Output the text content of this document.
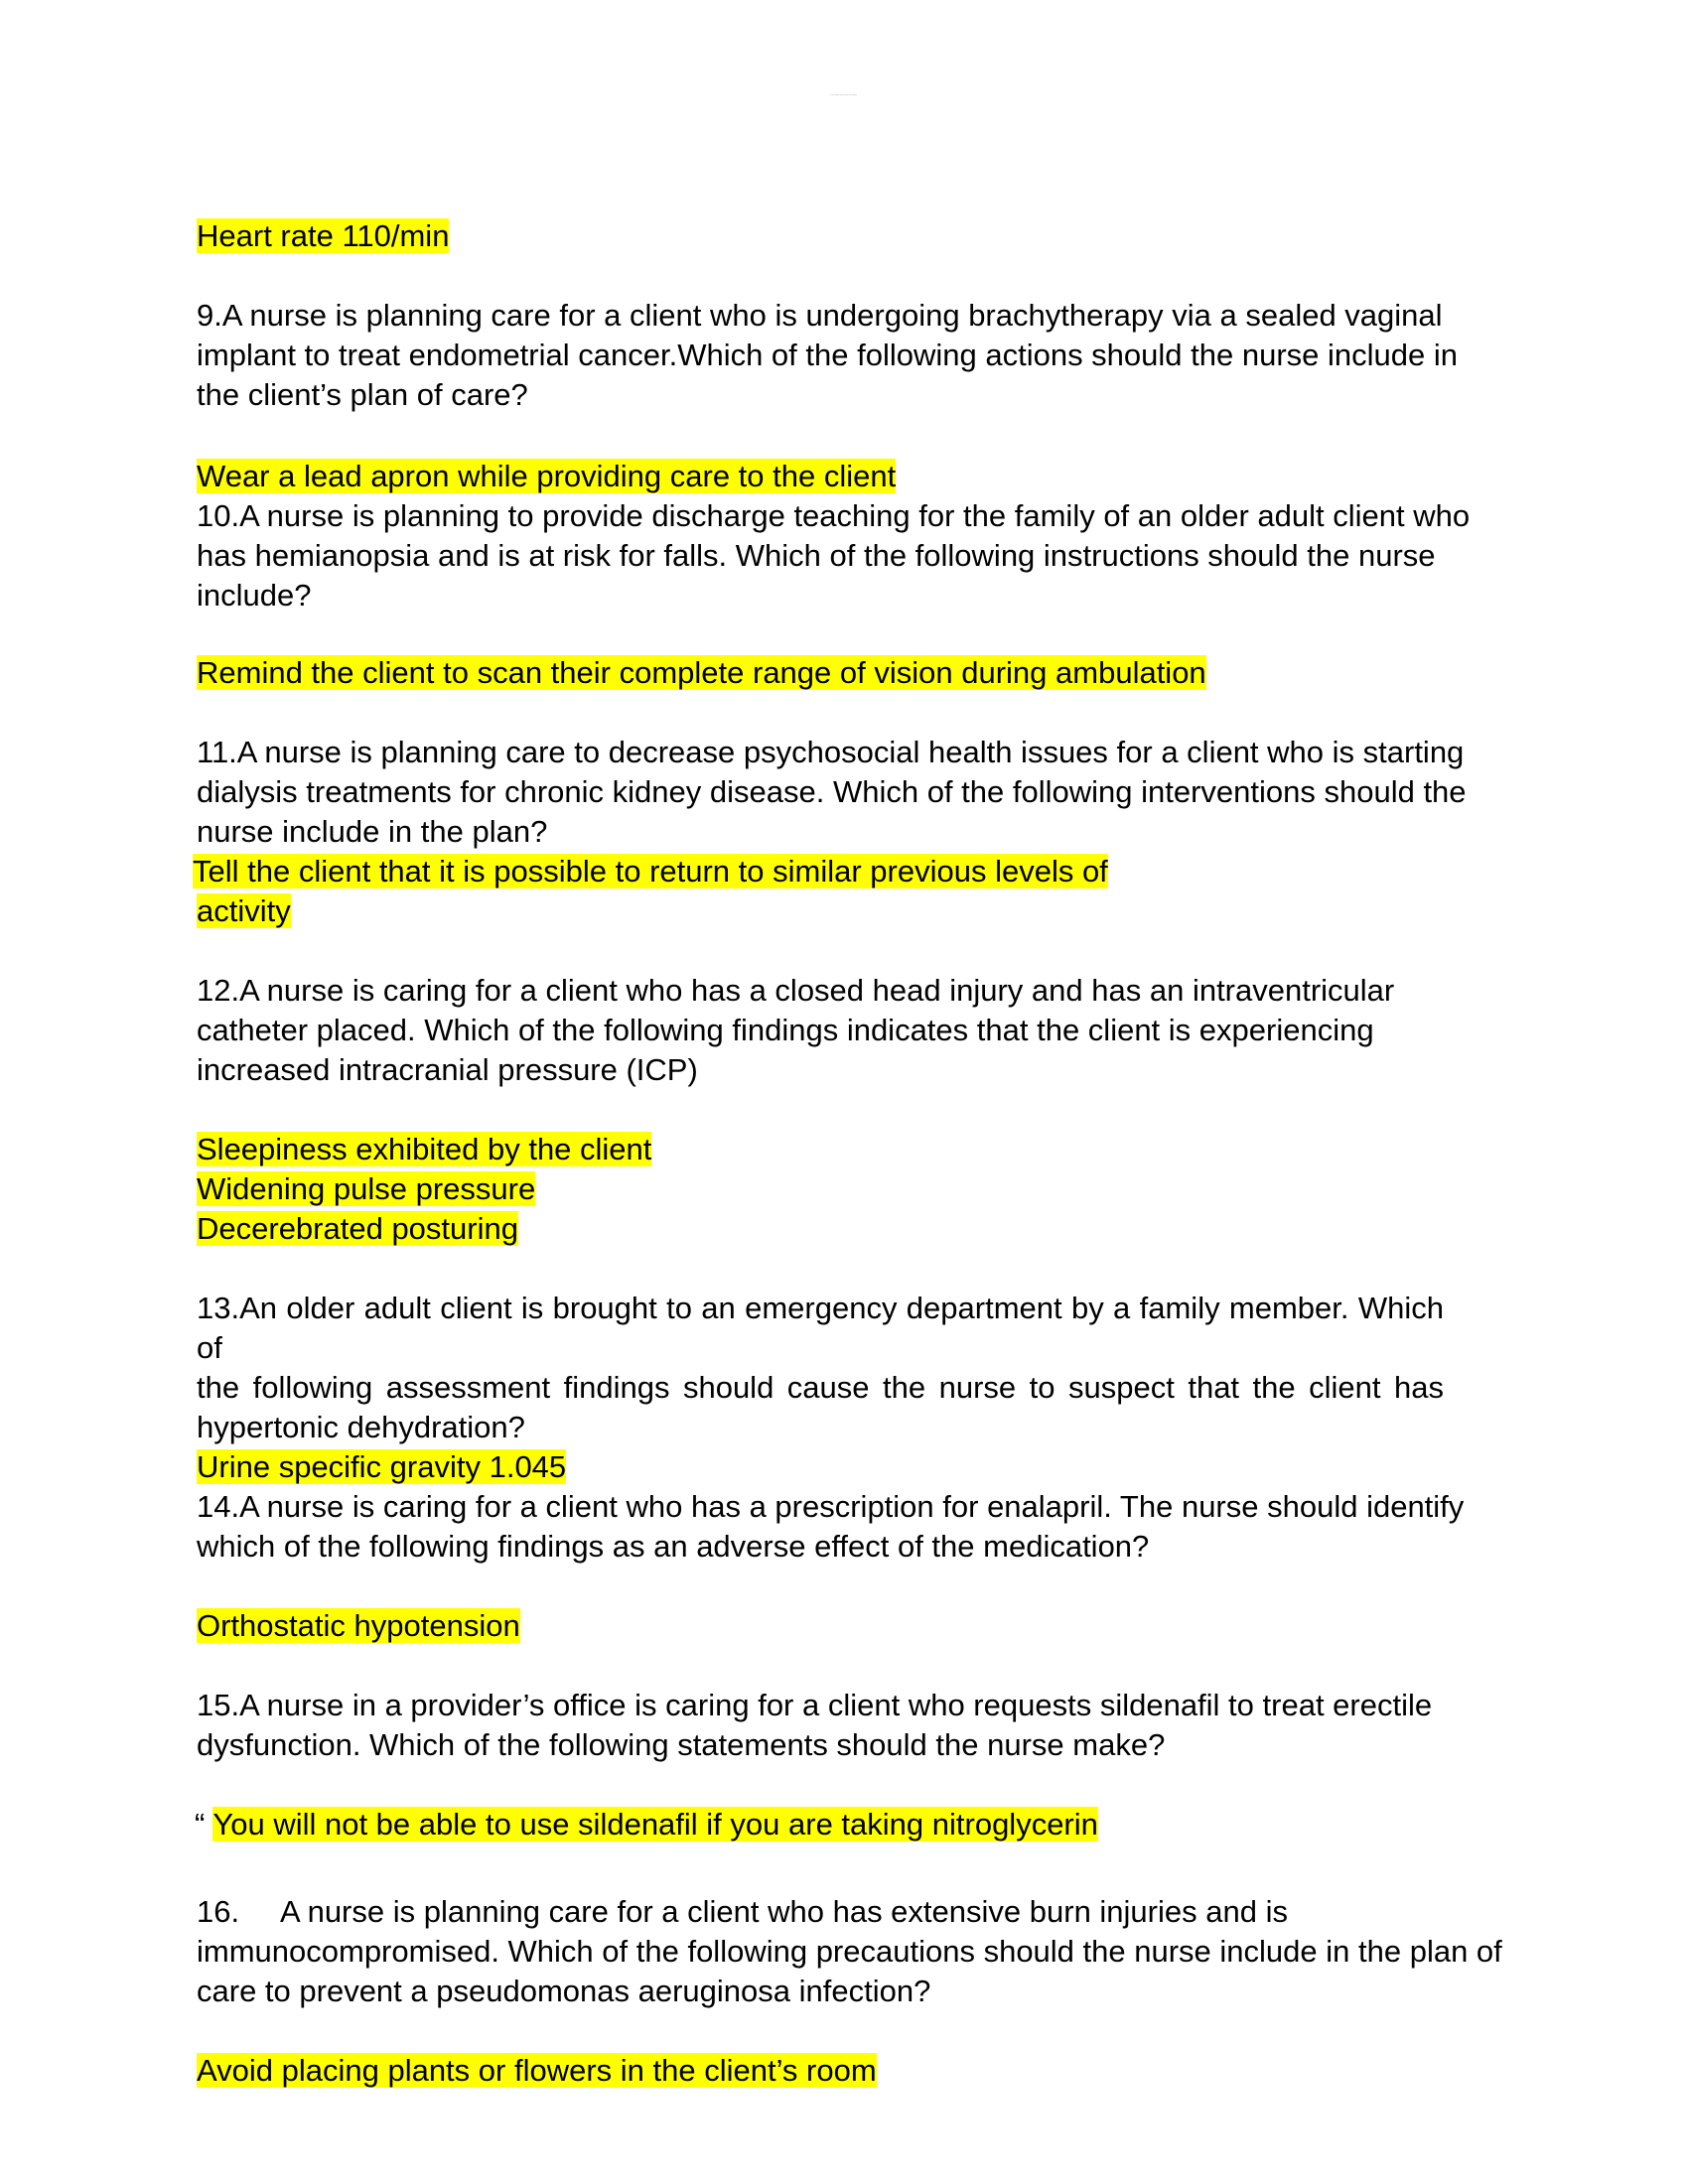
——————
Heart rate 110/min
9.A nurse is planning care for a client who is undergoing brachytherapy via a sealed vaginal
implant to treat endometrial cancer.Which of the following actions should the nurse include in
the client’s plan of care?
Wear a lead apron while providing care to the client
10.A nurse is planning to provide discharge teaching for the family of an older adult client who
has hemianopsia and is at risk for falls. Which of the following instructions should the nurse
include?
Remind the client to scan their complete range of vision during ambulation
11.A nurse is planning care to decrease psychosocial health issues for a client who is starting
dialysis treatments for chronic kidney disease. Which of the following interventions should the
nurse include in the plan?
Tell the client that it is possible to return to similar previous levels of
activity
12.A nurse is caring for a client who has a closed head injury and has an intraventricular
catheter placed. Which of the following findings indicates that the client is experiencing
increased intracranial pressure (ICP)
Sleepiness exhibited by the client
Widening pulse pressure
Decerebrated posturing
13.An older adult client is brought to an emergency department by a family member. Which of
the following assessment findings should cause the nurse to suspect that the client has
hypertonic dehydration?
Urine specific gravity 1.045
14.A nurse is caring for a client who has a prescription for enalapril. The nurse should identify
which of the following findings as an adverse effect of the medication?
Orthostatic hypotension
15.A nurse in a provider’s office is caring for a client who requests sildenafil to treat erectile
dysfunction. Which of the following statements should the nurse make?
“ You will not be able to use sildenafil if you are taking nitroglycerin
16. A nurse is planning care for a client who has extensive burn injuries and is
immunocompromised. Which of the following precautions should the nurse include in the plan of
care to prevent a pseudomonas aeruginosa infection?
Avoid placing plants or flowers in the client’s room
